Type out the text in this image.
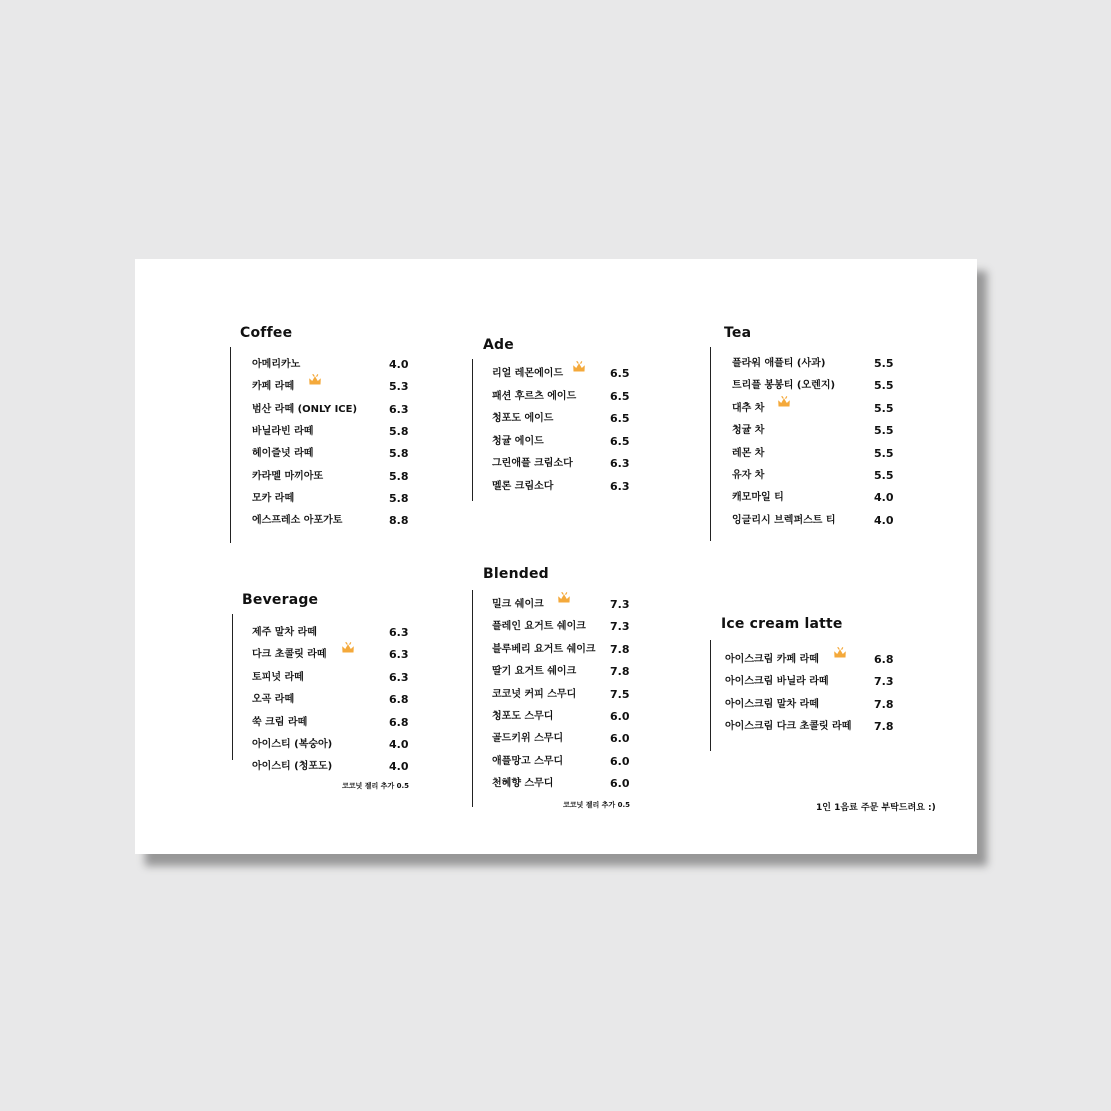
Coffee
아메리카노	4.0
카페 라떼	5.3
범산 라떼 (ONLY ICE)	6.3
바닐라빈 라떼	5.8
헤이즐넛 라떼	5.8
카라멜 마끼아또	5.8
모카 라떼	5.8
에스프레소 아포가토	8.8
Ade
리얼 레몬에이드	6.5
패션 후르츠 에이드	6.5
청포도 에이드	6.5
청귤 에이드	6.5
그린애플 크림소다	6.3
멜론 크림소다	6.3
Tea
플라워 애플티 (사과)	5.5
트리플 봉봉티 (오렌지)	5.5
대추 차	5.5
청귤 차	5.5
레몬 차	5.5
유자 차	5.5
캐모마일 티	4.0
잉글리시 브렉퍼스트 티	4.0
Beverage
제주 말차 라떼	6.3
다크 초콜릿 라떼	6.3
토피넛 라떼	6.3
오곡 라떼	6.8
쑥 크림 라떼	6.8
아이스티 (복숭아)	4.0
아이스티 (청포도)	4.0
코코넛 젤리 추가 0.5
Blended
밀크 쉐이크	7.3
플레인 요거트 쉐이크 7.3
블루베리 요거트 쉐이크 7.8
딸기 요거트 쉐이크	7.8
코코넛 커피 스무디	7.5
청포도 스무디	6.0
골드키위 스무디	6.0
애플망고 스무디	6.0
천혜향 스무디	6.0
코코넛 젤리 추가 0.5
Ice cream latte
아이스크림 카페 라떼	6.8
아이스크림 바닐라 라떼	7.3
아이스크림 말차 라떼	7.8
아이스크림 다크 초콜릿 라떼 7.8
1인 1음료 주문 부탁드려요 :)
